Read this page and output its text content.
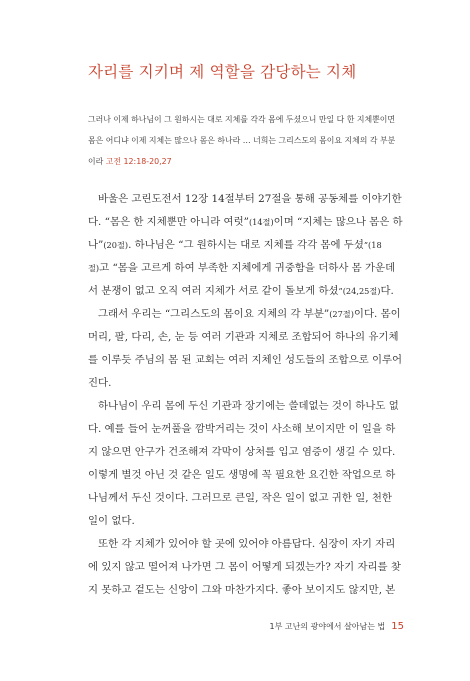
자리를 지키며 제 역할을 감당하는 지체
그러나 이제 하나님이 그 원하시는 대로 지체를 각각 몸에 두셨으니 만일 다 한 지체뿐이면
몸은 어디냐 이제 지체는 많으나 몸은 하나라 … 너희는 그리스도의 몸이요 지체의 각 부분
이라 고전 12:18-20,27
바울은 고린도전서 12장 14절부터 27절을 통해 공동체를 이야기한
다. “몸은 한 지체뿐만 아니라 여럿”(14절)이며 “지체는 많으나 몸은 하
나”(20절). 하나님은 “그 원하시는 대로 지체를 각각 몸에 두셨”(18
절)고 “몸을 고르게 하여 부족한 지체에게 귀중함을 더하사 몸 가운데
서 분쟁이 없고 오직 여러 지체가 서로 같이 돌보게 하셨”(24,25절)다.
그래서 우리는 “그리스도의 몸이요 지체의 각 부분”(27절)이다. 몸이
머리, 팔, 다리, 손, 눈 등 여러 기관과 지체로 조합되어 하나의 유기체
를 이루듯 주님의 몸 된 교회는 여러 지체인 성도들의 조합으로 이루어
진다.
하나님이 우리 몸에 두신 기관과 장기에는 쓸데없는 것이 하나도 없
다. 예를 들어 눈꺼풀을 깜박거리는 것이 사소해 보이지만 이 일을 하
지 않으면 안구가 건조해져 각막이 상처를 입고 염증이 생길 수 있다.
이렇게 별것 아닌 것 같은 일도 생명에 꼭 필요한 요긴한 작업으로 하
나님께서 두신 것이다. 그러므로 큰일, 작은 일이 없고 귀한 일, 천한
일이 없다.
또한 각 지체가 있어야 할 곳에 있어야 아름답다. 심장이 자기 자리
에 있지 않고 떨어져 나가면 그 몸이 어떻게 되겠는가? 자기 자리를 찾
지 못하고 겉도는 신앙이 그와 마찬가지다. 좋아 보이지도 않지만, 본
1부 고난의 광야에서 살아남는 법 15
